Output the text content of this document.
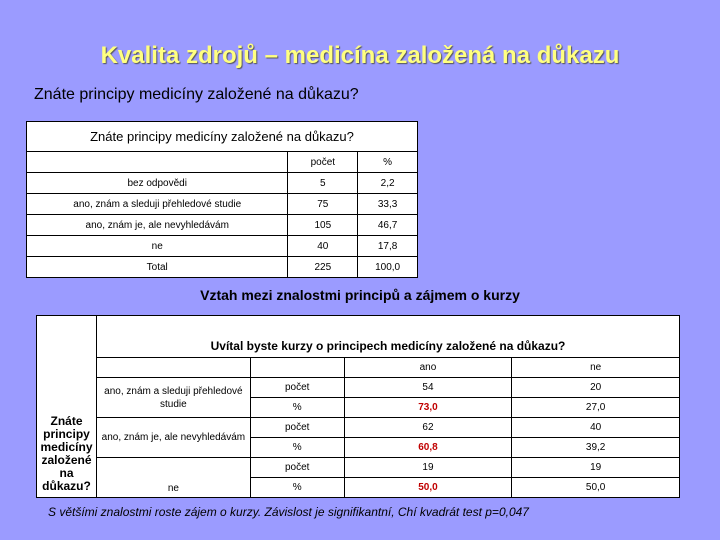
Kvalita zdrojů – medicína založená na důkazu
Znáte principy medicíny založené na důkazu?
Znáte principy medicíny založené na důkazu?		
	počet	%
bez odpovědi	5	2,2
ano, znám a sleduji přehledové studie	75	33,3
ano, znám je, ale nevyhledávám	105	46,7
ne	40	17,8
Total	225	100,0
Vztah mezi znalostmi principů a zájmem o kurzy
Znáte principy medicíny založené na důkazu?	Uvítal byste kurzy o principech medicíny založené na důkazu?			
			ano	ne
	ano, znám a sleduji přehledové studie	počet	54	20
		%	73,0	27,0
	ano, znám je, ale nevyhledávám	počet	62	40
		%	60,8	39,2
	ne	počet	19	19
		%	50,0	50,0
S většími znalostmi roste zájem o kurzy. Závislost je signifikantní, Chí kvadrát test p=0,047
